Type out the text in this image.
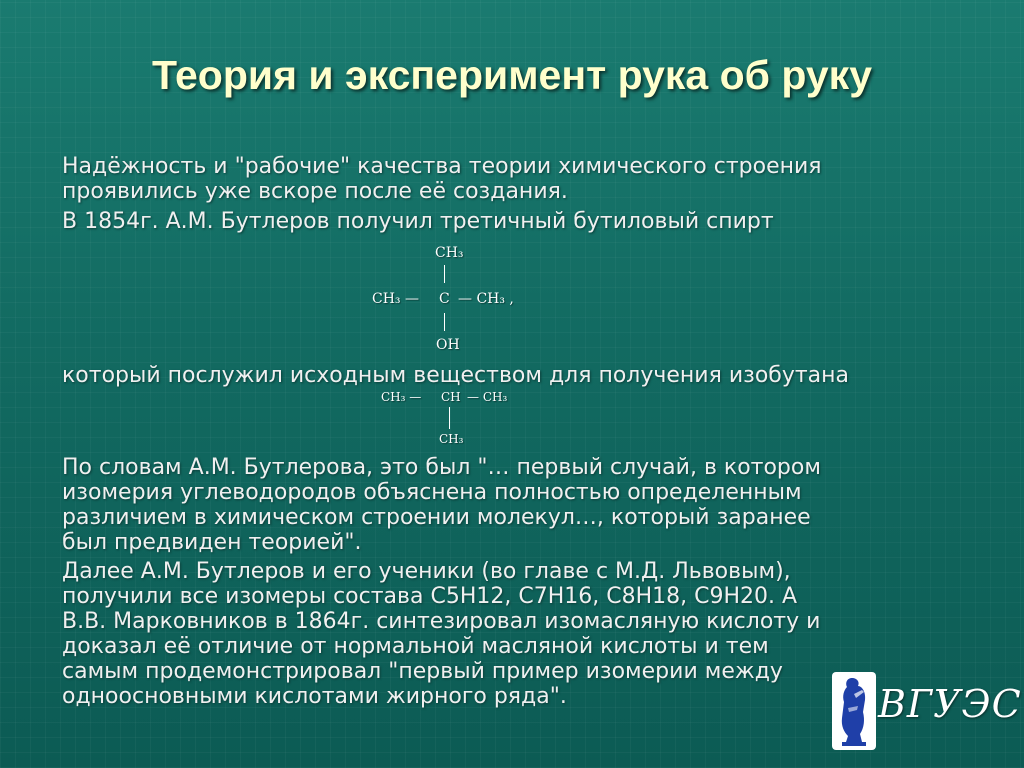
Теория и эксперимент рука об руку
Надёжность и "рабочие" качества теории химического строения
проявились уже вскоре после её создания.
В 1854г. А.М. Бутлеров получил третичный бутиловый спирт
CH₃
CH₃ — C — CH₃ ,
OH
который послужил исходным веществом для получения изобутана
CH₃ — CH — CH₃
CH₃
По словам А.М. Бутлерова, это был "… первый случай, в котором
изомерия углеводородов объяснена полностью определенным
различием в химическом строении молекул…, который заранее
был предвиден теорией".
Далее А.М. Бутлеров и его ученики (во главе с М.Д. Львовым),
получили все изомеры состава С5Н12, С7Н16, С8Н18, С9Н20. А
В.В. Марковников в 1864г. синтезировал изомасляную кислоту и
доказал её отличие от нормальной масляной кислоты и тем
самым продемонстрировал "первый пример изомерии между
одноосновными кислотами жирного ряда".	ВГУЭС
